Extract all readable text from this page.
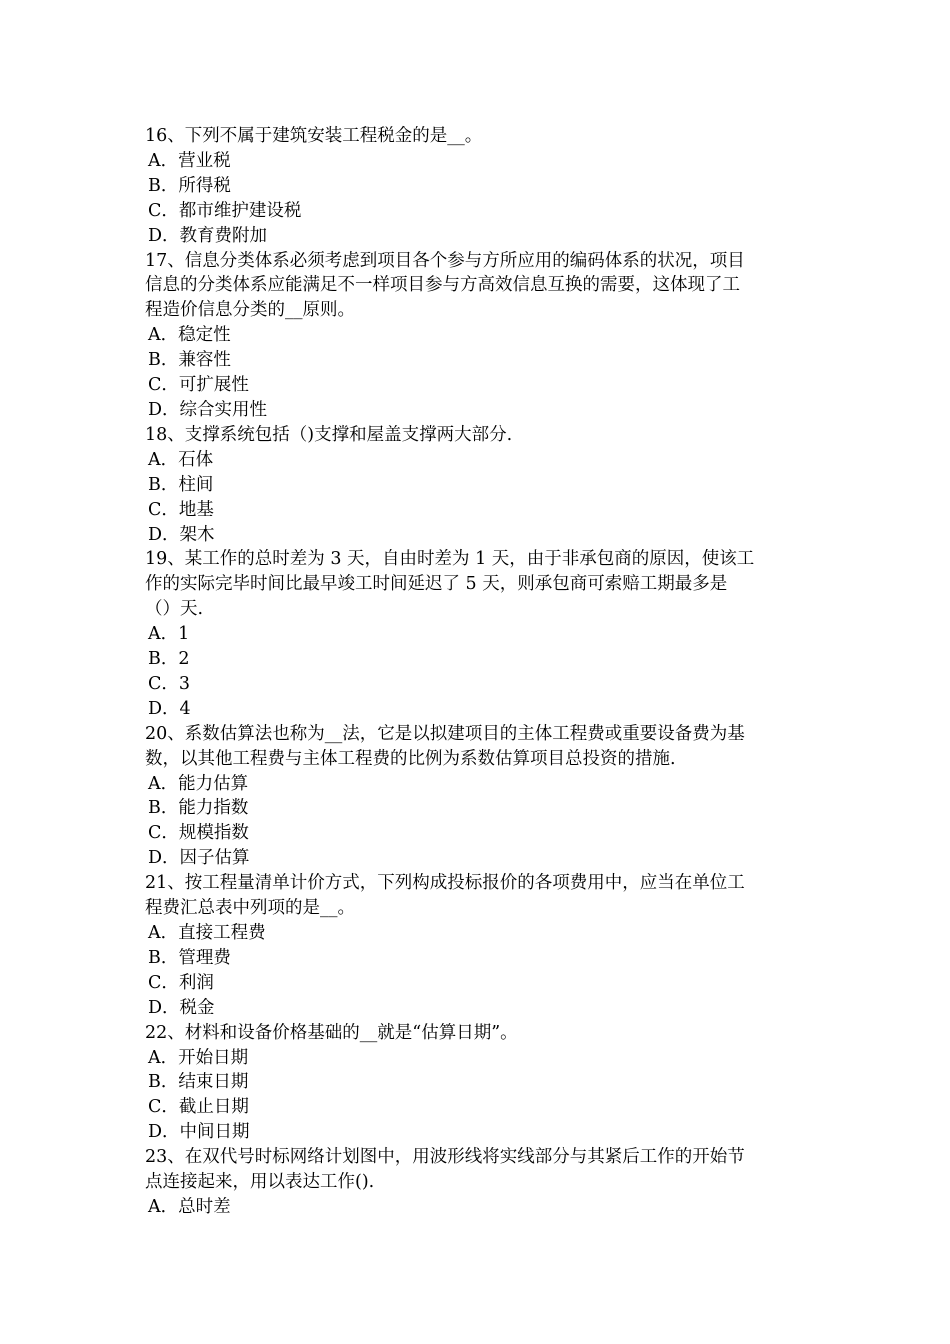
16、下列不属于建筑安装工程税金的是__。
A．营业税
B．所得税
C．都市维护建设税
D．教育费附加
17、信息分类体系必须考虑到项目各个参与方所应用的编码体系的状况，项目
信息的分类体系应能满足不一样项目参与方高效信息互换的需要，这体现了工
程造价信息分类的__原则。
A．稳定性
B．兼容性
C．可扩展性
D．综合实用性
18、支撑系统包括（)支撑和屋盖支撑两大部分.
A．石体
B．柱间
C．地基
D．架木
19、某工作的总时差为 3 天，自由时差为 1 天，由于非承包商的原因，使该工
作的实际完毕时间比最早竣工时间延迟了 5 天，则承包商可索赔工期最多是
（）天.
A．1
B．2
C．3
D．4
20、系数估算法也称为__法，它是以拟建项目的主体工程费或重要设备费为基
数，以其他工程费与主体工程费的比例为系数估算项目总投资的措施.
A．能力估算
B．能力指数
C．规模指数
D．因子估算
21、按工程量清单计价方式，下列构成投标报价的各项费用中，应当在单位工
程费汇总表中列项的是__。
A．直接工程费
B．管理费
C．利润
D．税金
22、材料和设备价格基础的__就是“估算日期”。
A．开始日期
B．结束日期
C．截止日期
D．中间日期
23、在双代号时标网络计划图中，用波形线将实线部分与其紧后工作的开始节
点连接起来，用以表达工作().
A．总时差
